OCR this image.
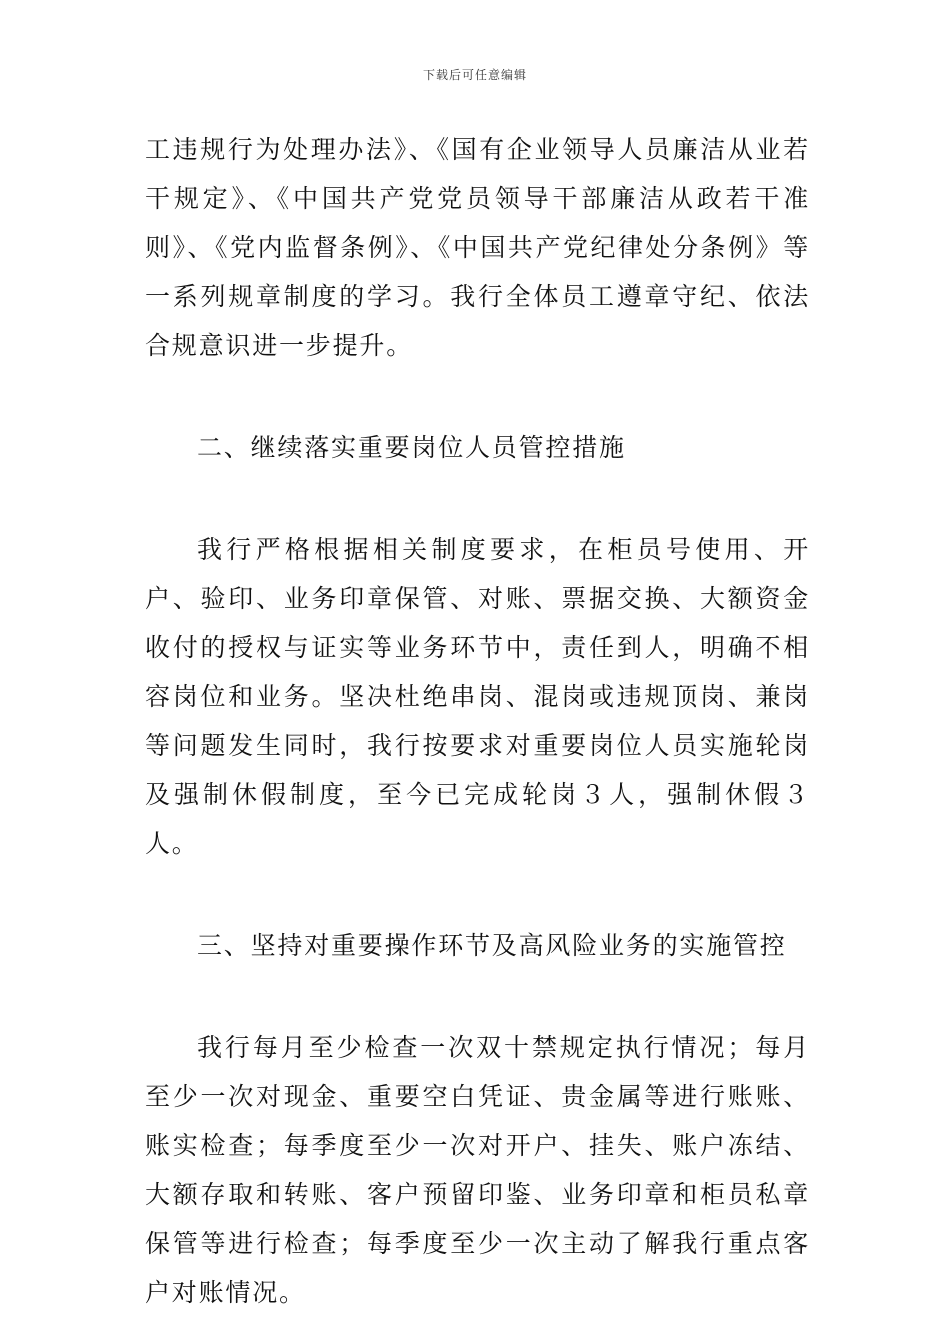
下载后可任意编辑

工违规行为处理办法》、《国有企业领导人员廉洁从业若干规定》、《中国共产党党员领导干部廉洁从政若干准则》、《党内监督条例》、《中国共产党纪律处分条例》等一系列规章制度的学习。我行全体员工遵章守纪、依法合规意识进一步提升。

二、继续落实重要岗位人员管控措施

我行严格根据相关制度要求，在柜员号使用、开户、验印、业务印章保管、对账、票据交换、大额资金收付的授权与证实等业务环节中，责任到人，明确不相容岗位和业务。坚决杜绝串岗、混岗或违规顶岗、兼岗等问题发生同时，我行按要求对重要岗位人员实施轮岗及强制休假制度，至今已完成轮岗３人，强制休假３人。

三、坚持对重要操作环节及高风险业务的实施管控

我行每月至少检查一次双十禁规定执行情况；每月至少一次对现金、重要空白凭证、贵金属等进行账账、账实检查；每季度至少一次对开户、挂失、账户冻结、大额存取和转账、客户预留印鉴、业务印章和柜员私章保管等进行检查；每季度至少一次主动了解我行重点客户对账情况。
